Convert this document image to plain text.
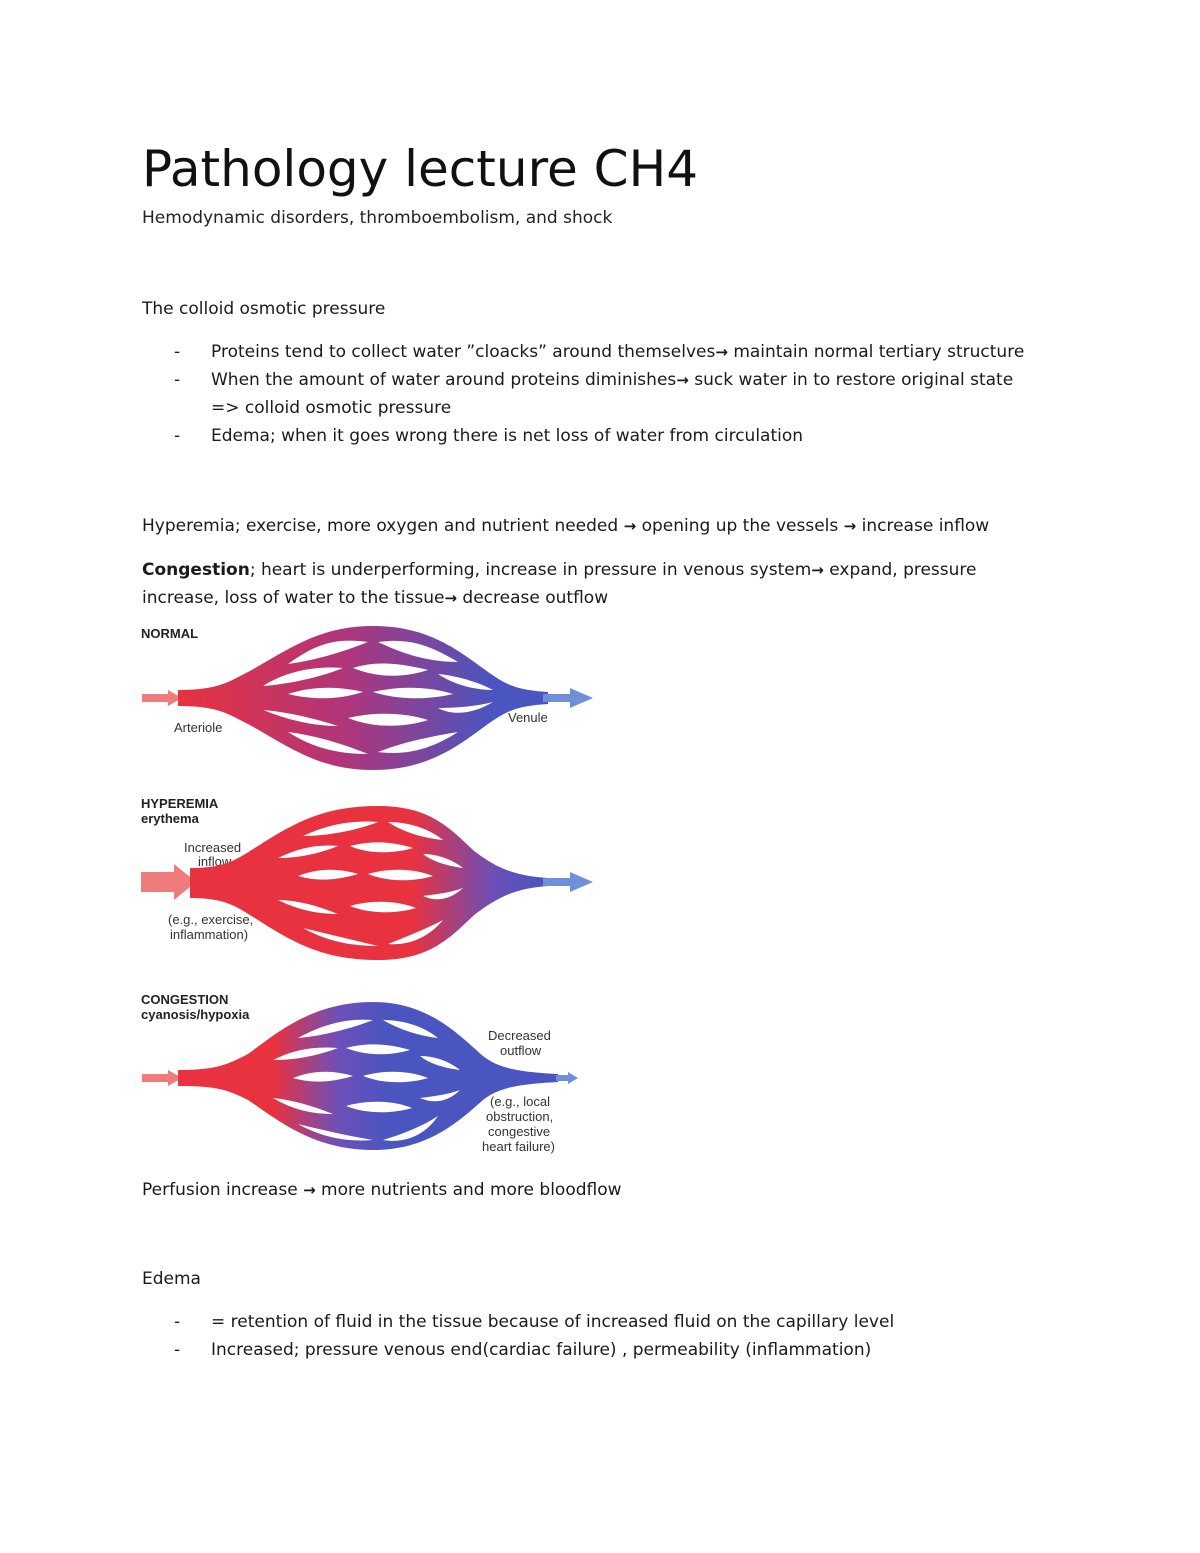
Pathology lecture CH4
Hemodynamic disorders, thromboembolism, and shock
The colloid osmotic pressure
-	Proteins tend to collect water ”cloacks” around themselves→ maintain normal tertiary structure
-	When the amount of water around proteins diminishes→ suck water in to restore original state
=> colloid osmotic pressure
-	Edema; when it goes wrong there is net loss of water from circulation
Hyperemia; exercise, more oxygen and nutrient needed → opening up the vessels → increase inflow
Congestion; heart is underperforming, increase in pressure in venous system→ expand, pressure
increase, loss of water to the tissue→ decrease outflow
NORMAL
Arteriole
Venule
HYPEREMIA
erythema
Increased
inflow
(e.g., exercise,
inflammation)
CONGESTION
cyanosis/hypoxia
Decreased
outflow
(e.g., local
obstruction,
congestive
heart failure)
Perfusion increase → more nutrients and more bloodflow
Edema
-	= retention of fluid in the tissue because of increased fluid on the capillary level
-	Increased; pressure venous end(cardiac failure) , permeability (inflammation)
